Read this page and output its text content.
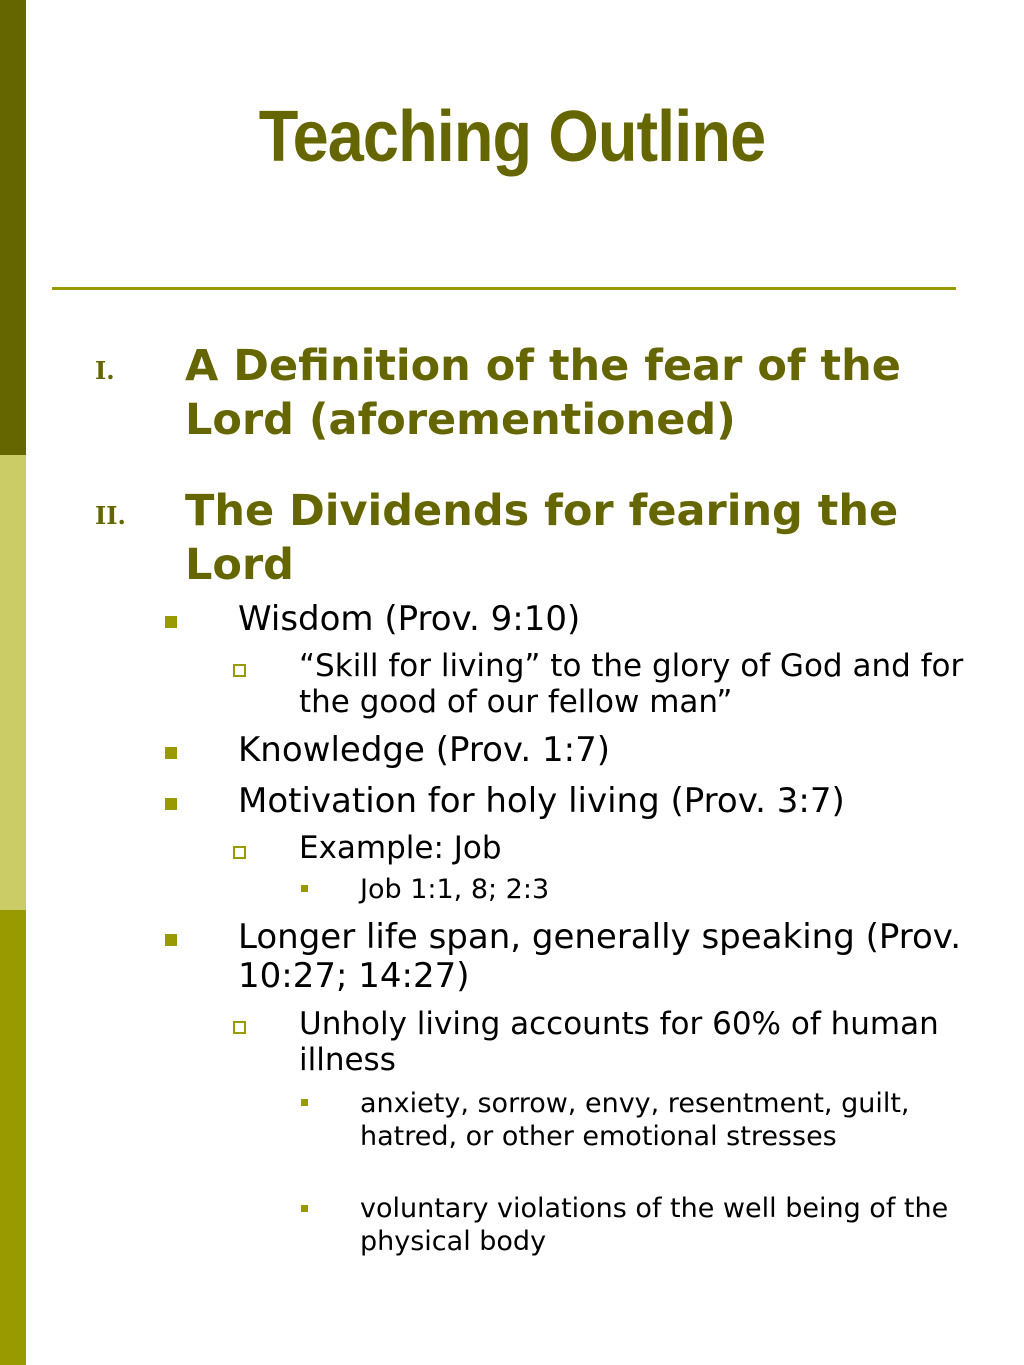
Teaching Outline
I. A Definition of the fear of the Lord (aforementioned)
II. The Dividends for fearing the Lord
Wisdom (Prov. 9:10)
“Skill for living” to the glory of God and for the good of our fellow man”
Knowledge (Prov. 1:7)
Motivation for holy living (Prov. 3:7)
Example: Job
Job 1:1, 8; 2:3
Longer life span, generally speaking (Prov. 10:27; 14:27)
Unholy living accounts for 60% of human illness
anxiety, sorrow, envy, resentment, guilt, hatred, or other emotional stresses
voluntary violations of the well being of the physical body
